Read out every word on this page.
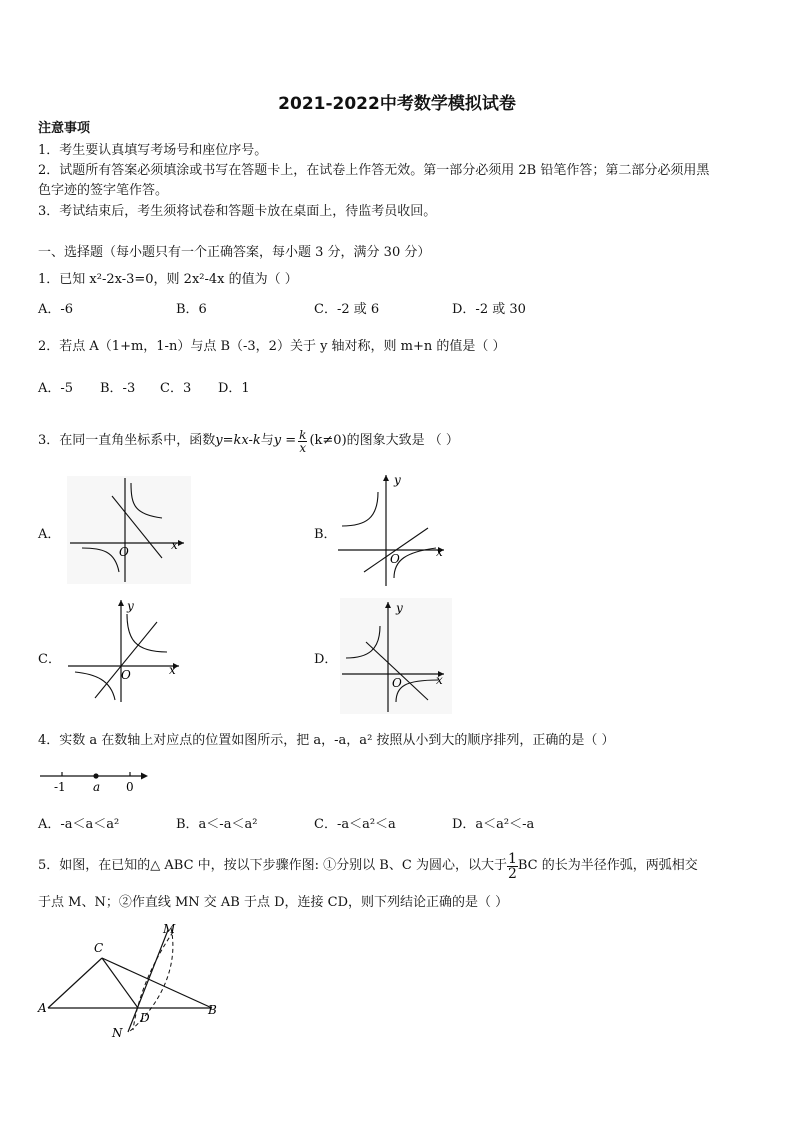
2021-2022中考数学模拟试卷
注意事项
1．考生要认真填写考场号和座位序号。
2．试题所有答案必须填涂或书写在答题卡上，在试卷上作答无效。第一部分必须用 2B 铅笔作答；第二部分必须用黑
色字迹的签字笔作答。
3．考试结束后，考生须将试卷和答题卡放在桌面上，待监考员收回。
一、选择题（每小题只有一个正确答案，每小题 3 分，满分 30 分）
1．已知 x²-2x-3=0，则 2x²-4x 的值为（ ）
A．-6	B．6	C．-2 或 6	D．-2 或 30
2．若点 A（1+m，1-n）与点 B（-3，2）关于 y 轴对称，则 m+n 的值是（ ）
A．-5 B．-3 C．3 D．1
3．在同一直角坐标系中，函数 y=kx-k 与 $y = \frac{k}{x} (k\ne 0)$ 的图象大致是 （ ）
A．	B．
C．	D．
O	x
y
O	x
y
O	x
y
O	x
4．实数 a 在数轴上对应点的位置如图所示，把 a，-a，a² 按照从小到大的顺序排列，正确的是（ ）
-1 a 0
A．-a＜a＜a²	B．a＜-a＜a²	C．-a＜a²＜a	D．a＜a²＜-a
5．如图，在已知的△ ABC 中，按以下步骤作图: ①分别以 B、C 为圆心，以大于 $\frac{1}{2}$ BC 的长为半径作弧，两弧相交
于点 M、N；②作直线 MN 交 AB 于点 D，连接 CD，则下列结论正确的是（ ）
A	B
C
D
M
N
